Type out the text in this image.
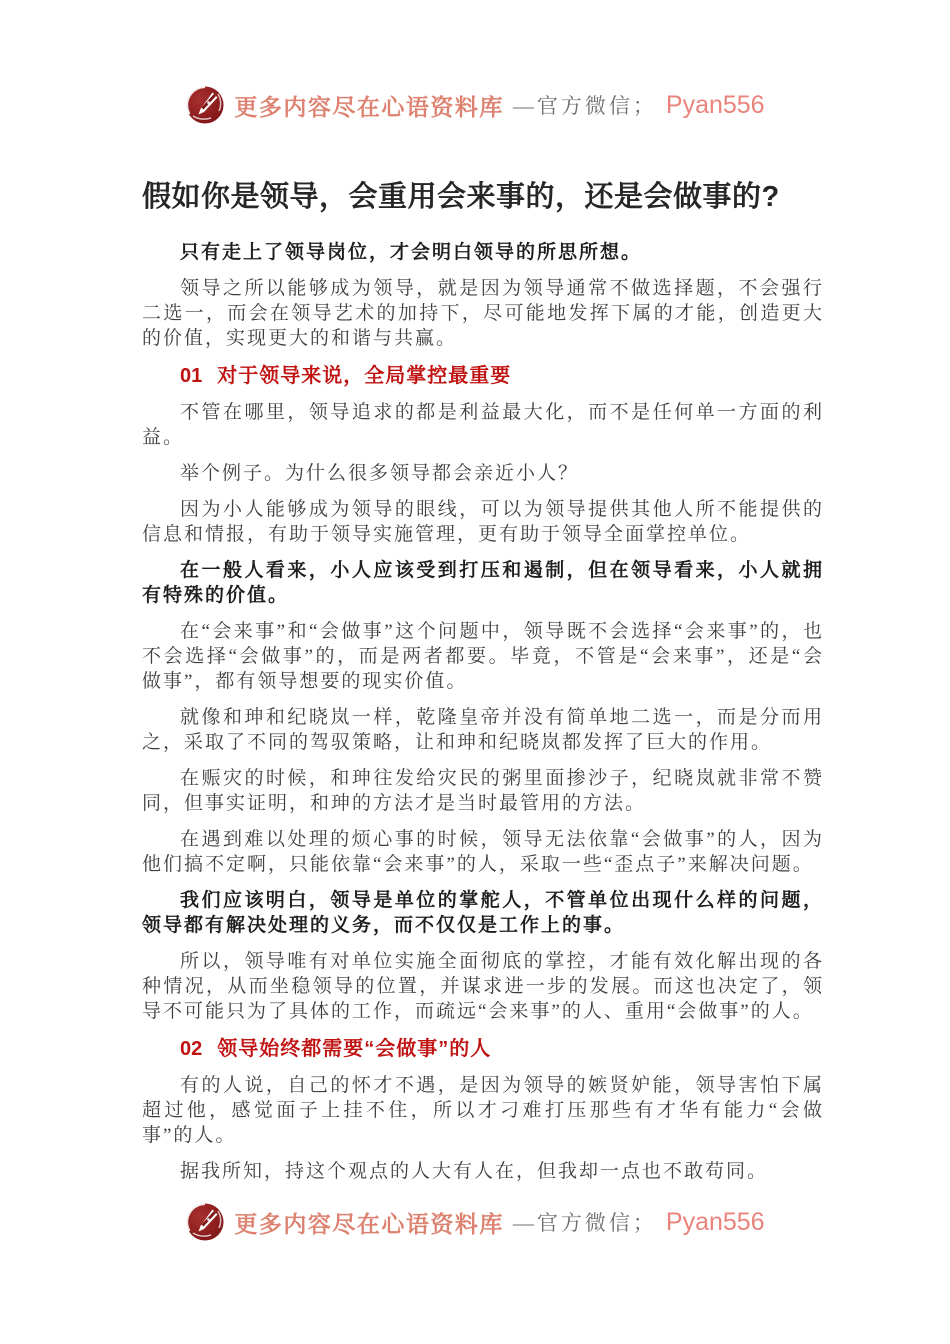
更多内容尽在心语资料库 —官方微信； Pyan556
假如你是领导，会重用会来事的，还是会做事的?

只有走上了领导岗位，才会明白领导的所思所想。

领导之所以能够成为领导，就是因为领导通常不做选择题，不会强行二选一，而会在领导艺术的加持下，尽可能地发挥下属的才能，创造更大的价值，实现更大的和谐与共赢。

01 对于领导来说，全局掌控最重要

不管在哪里，领导追求的都是利益最大化，而不是任何单一方面的利益。

举个例子。为什么很多领导都会亲近小人？

因为小人能够成为领导的眼线，可以为领导提供其他人所不能提供的信息和情报，有助于领导实施管理，更有助于领导全面掌控单位。

在一般人看来，小人应该受到打压和遏制，但在领导看来，小人就拥有特殊的价值。

在“会来事”和“会做事”这个问题中，领导既不会选择“会来事”的，也不会选择“会做事”的，而是两者都要。毕竟，不管是“会来事”，还是“会做事”，都有领导想要的现实价值。

就像和珅和纪晓岚一样，乾隆皇帝并没有简单地二选一，而是分而用之，采取了不同的驾驭策略，让和珅和纪晓岚都发挥了巨大的作用。

在赈灾的时候，和珅往发给灾民的粥里面掺沙子，纪晓岚就非常不赞同，但事实证明，和珅的方法才是当时最管用的方法。

在遇到难以处理的烦心事的时候，领导无法依靠“会做事”的人，因为他们搞不定啊，只能依靠“会来事”的人，采取一些“歪点子”来解决问题。

我们应该明白，领导是单位的掌舵人，不管单位出现什么样的问题，领导都有解决处理的义务，而不仅仅是工作上的事。

所以，领导唯有对单位实施全面彻底的掌控，才能有效化解出现的各种情况，从而坐稳领导的位置，并谋求进一步的发展。而这也决定了，领导不可能只为了具体的工作，而疏远“会来事”的人、重用“会做事”的人。

02 领导始终都需要“会做事”的人

有的人说，自己的怀才不遇，是因为领导的嫉贤妒能，领导害怕下属超过他，感觉面子上挂不住，所以才刁难打压那些有才华有能力“会做事”的人。

据我所知，持这个观点的人大有人在，但我却一点也不敢苟同。

更多内容尽在心语资料库 —官方微信； Pyan556
